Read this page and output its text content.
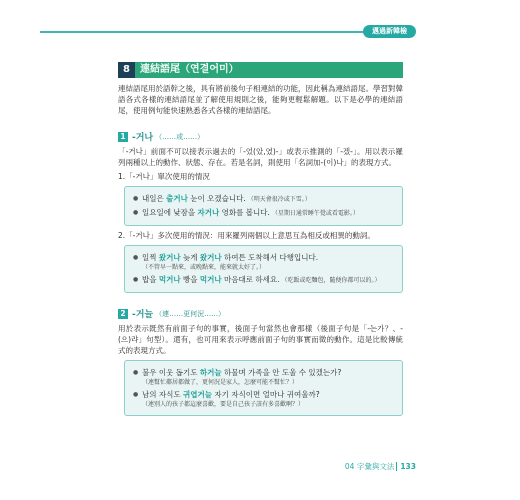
邁過新韓檢
8	連結語尾（연결어미）

連結語尾用於語幹之後，具有將前後句子相連結的功能，因此稱為連結語尾。學習對韓語各式各樣的連結語尾並了解使用規則之後，能夠更輕鬆解題。以下是必學的連結語尾，使用例句能快速熟悉各式各樣的連結語尾。

1 -거나 （……或……）

「-거나」前面不可以接表示過去的「-었(았,였)-」或表示推測的「-겠-」。用以表示羅列兩種以上的動作、狀態、存在。若是名詞，則使用「名詞加-(이)나」的表現方式。

1.「-거나」單次使用的情況

● 내일은 출거나 눈이 오겠습니다. （明天會很冷或下雪。）
● 일요일에 낮잠을 자거나 영화를 봅니다. （星期日通常睡午覺或看電影。）

2.「-거나」多次使用的情況：用來羅列兩個以上意思互為相反或相異的動詞。

● 일찍 왔거나 늦게 왔거나 하여튼 도착해서 다행입니다.
（不管早一點來，或晚點來，能來就太好了。）
● 밥을 먹거나 빵을 먹거나 마음대로 하세요. （吃飯或吃麵包，隨便你都可以的。）
2 -거늘 （連……更何況……）

用於表示既然有前面子句的事實，後面子句當然也會那樣（後面子句是「-는가？、-(으)랴」句型）。還有，也可用來表示呼應前面子句的事實而徵的動作。這是比較傳統式的表現方式。

● 불우 이웃 돕기도 하거늘 하물며 가족을 안 도울 수 있겠는가?
（連幫忙鄰居都做了，更何況是家人，怎麼可能不幫忙？）
● 남의 자식도 귀엽거늘 자기 자식이면 얼마나 귀여울까?
（連別人的孩子都這麼喜歡，要是自己孩子該有多喜歡啊？）
04 字彙與文法 133
